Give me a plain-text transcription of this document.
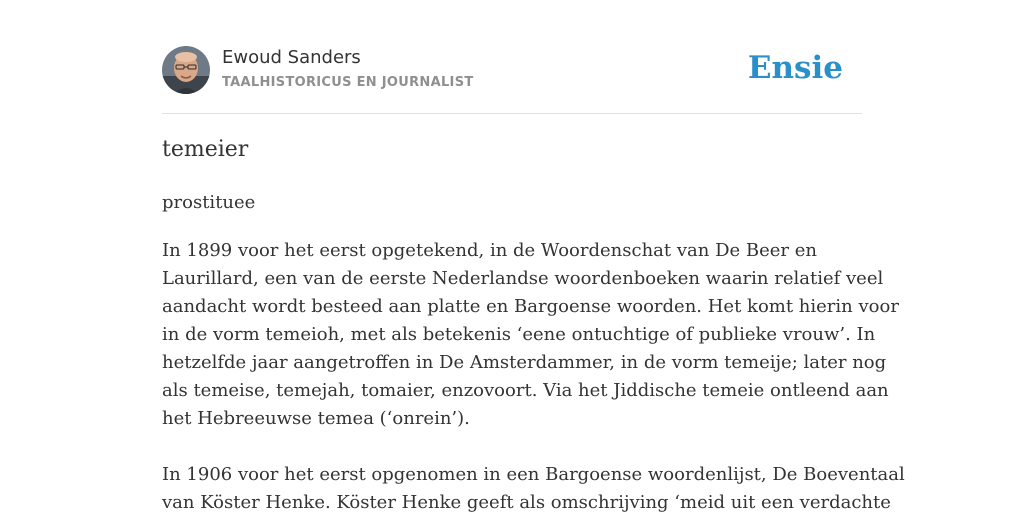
Ewoud Sanders
TAALHISTORICUS EN JOURNALIST	Ensie
temeier
prostituee

In 1899 voor het eerst opgetekend, in de Woordenschat van De Beer en
Laurillard, een van de eerste Nederlandse woordenboeken waarin relatief veel
aandacht wordt besteed aan platte en Bargoense woorden. Het komt hierin voor
in de vorm temeioh, met als betekenis ‘eene ontuchtige of publieke vrouw’. In
hetzelfde jaar aangetroffen in De Amsterdammer, in de vorm temeije; later nog
als temeise, temejah, tomaier, enzovoort. Via het Jiddische temeie ontleend aan
het Hebreeuwse temea (‘onrein’).

In 1906 voor het eerst opgenomen in een Bargoense woordenlijst, De Boeventaal
van Köster Henke. Köster Henke geeft als omschrijving ‘meid uit een verdachte
